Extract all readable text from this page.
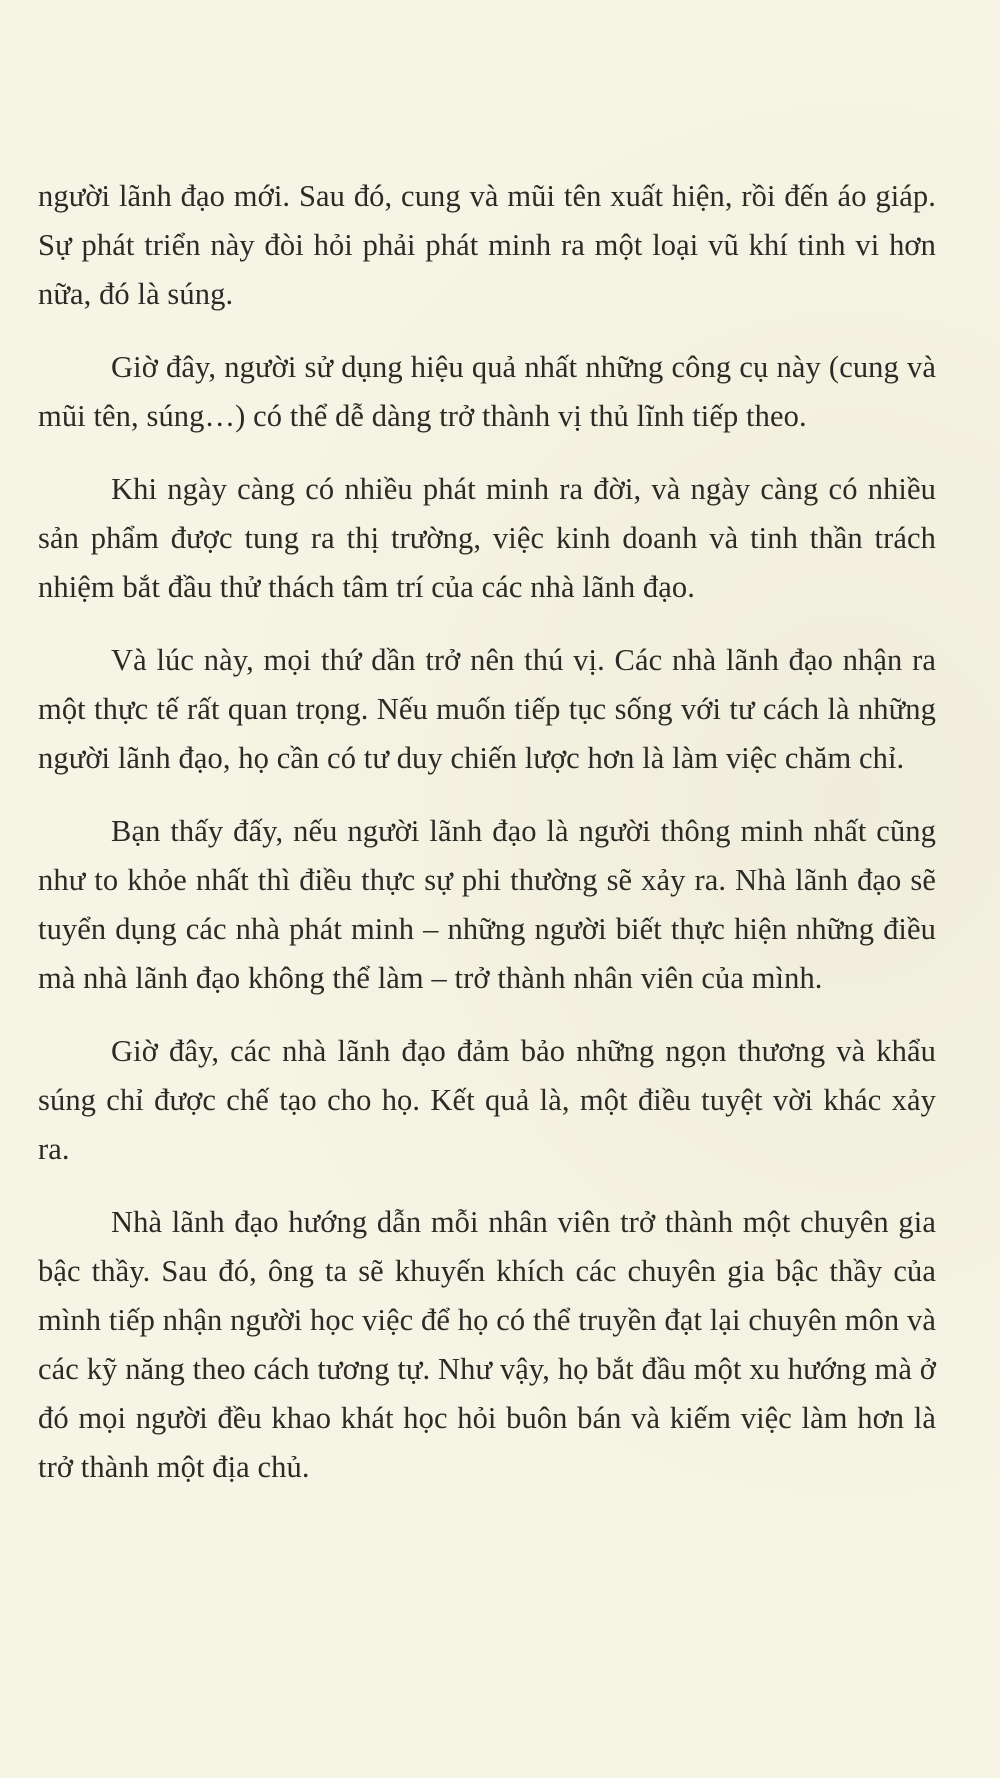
người lãnh đạo mới. Sau đó, cung và mũi tên xuất hiện, rồi đến áo giáp. Sự phát triển này đòi hỏi phải phát minh ra một loại vũ khí tinh vi hơn nữa, đó là súng.

Giờ đây, người sử dụng hiệu quả nhất những công cụ này (cung và mũi tên, súng…) có thể dễ dàng trở thành vị thủ lĩnh tiếp theo.

Khi ngày càng có nhiều phát minh ra đời, và ngày càng có nhiều sản phẩm được tung ra thị trường, việc kinh doanh và tinh thần trách nhiệm bắt đầu thử thách tâm trí của các nhà lãnh đạo.

Và lúc này, mọi thứ dần trở nên thú vị. Các nhà lãnh đạo nhận ra một thực tế rất quan trọng. Nếu muốn tiếp tục sống với tư cách là những người lãnh đạo, họ cần có tư duy chiến lược hơn là làm việc chăm chỉ.

Bạn thấy đấy, nếu người lãnh đạo là người thông minh nhất cũng như to khỏe nhất thì điều thực sự phi thường sẽ xảy ra. Nhà lãnh đạo sẽ tuyển dụng các nhà phát minh – những người biết thực hiện những điều mà nhà lãnh đạo không thể làm – trở thành nhân viên của mình.

Giờ đây, các nhà lãnh đạo đảm bảo những ngọn thương và khẩu súng chỉ được chế tạo cho họ. Kết quả là, một điều tuyệt vời khác xảy ra.

Nhà lãnh đạo hướng dẫn mỗi nhân viên trở thành một chuyên gia bậc thầy. Sau đó, ông ta sẽ khuyến khích các chuyên gia bậc thầy của mình tiếp nhận người học việc để họ có thể truyền đạt lại chuyên môn và các kỹ năng theo cách tương tự. Như vậy, họ bắt đầu một xu hướng mà ở đó mọi người đều khao khát học hỏi buôn bán và kiếm việc làm hơn là trở thành một địa chủ.
